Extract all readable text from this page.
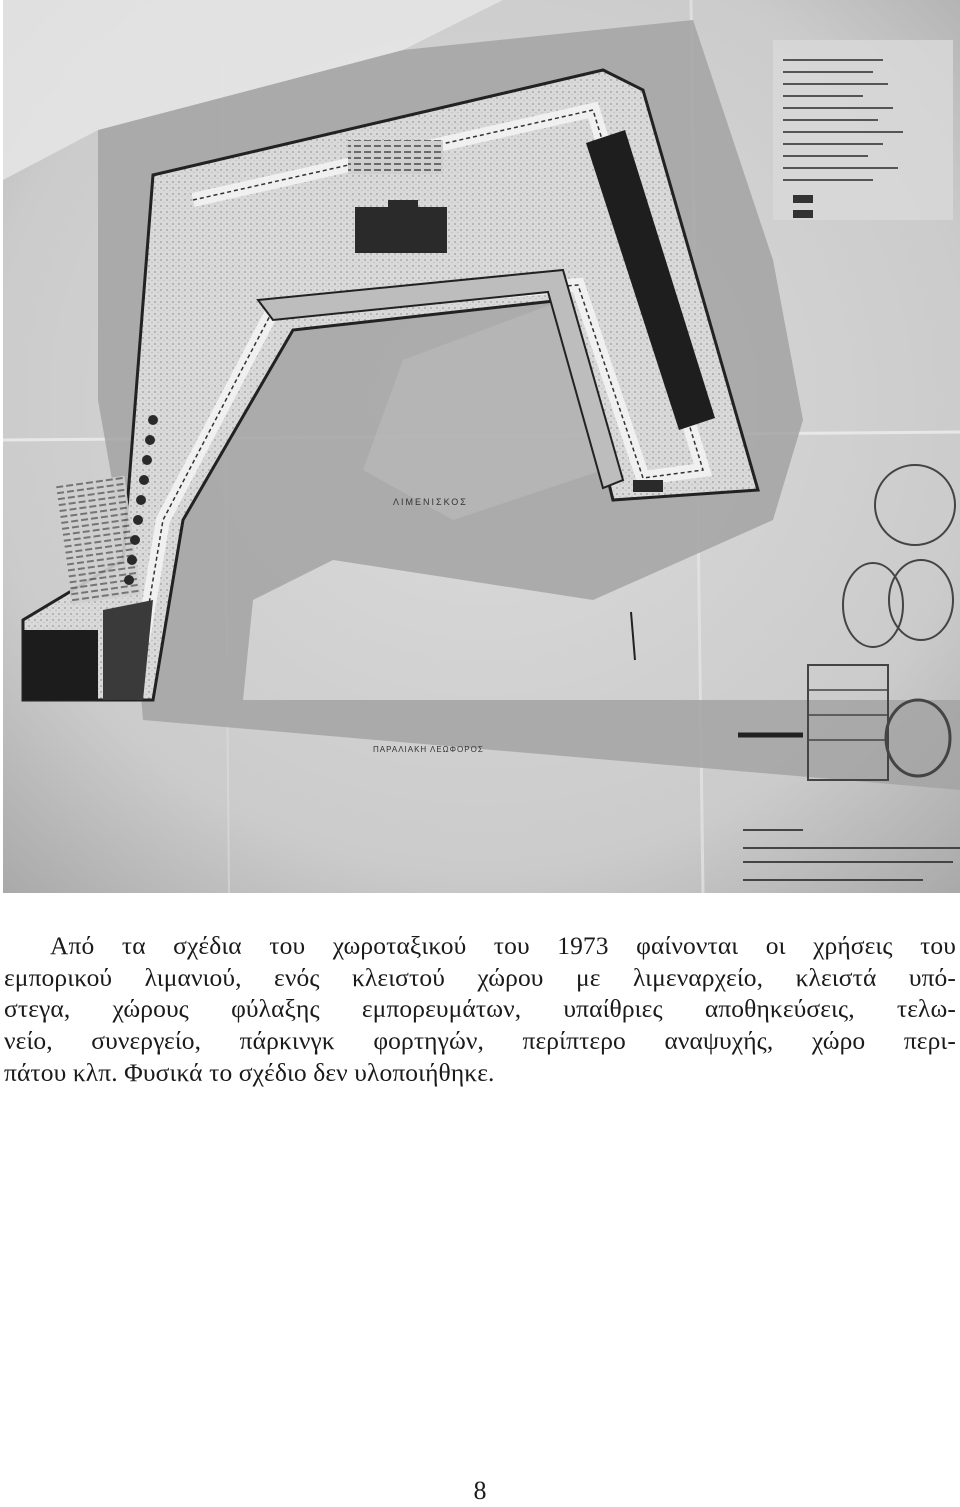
ΛΙΜΕΝΙΣΚΟΣ
ΠΑΡΑΛΙΑΚΗ ΛΕΩΦΟΡΟΣ

Από τα σχέδια του χωροταξικού του 1973 φαίνονται οι χρήσεις του
εμπορικού λιμανιού, ενός κλειστού χώρου με λιμεναρχείο, κλειστά υπό-
στεγα, χώρους φύλαξης εμπορευμάτων, υπαίθριες αποθηκεύσεις, τελω-
νείο, συνεργείο, πάρκινγκ φορτηγών, περίπτερο αναψυχής, χώρο περι-
πάτου κλπ. Φυσικά το σχέδιο δεν υλοποιήθηκε.

8
